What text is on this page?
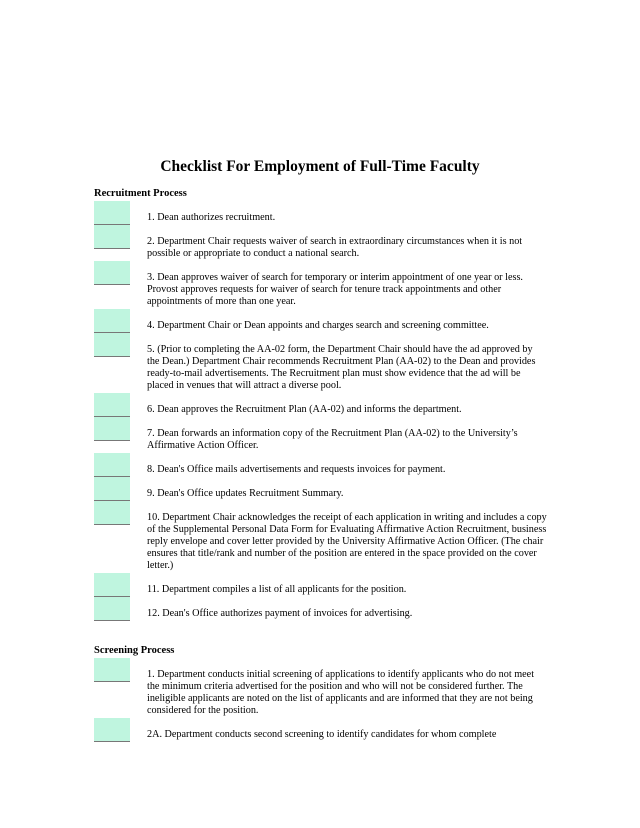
Checklist For Employment of Full-Time Faculty
Recruitment Process

1. Dean authorizes recruitment.

2. Department Chair requests waiver of search in extraordinary circumstances when it is not possible or appropriate to conduct a national search.

3. Dean approves waiver of search for temporary or interim appointment of one year or less. Provost approves requests for waiver of search for tenure track appointments and other appointments of more than one year.

4. Department Chair or Dean appoints and charges search and screening committee.

5. (Prior to completing the AA-02 form, the Department Chair should have the ad approved by the Dean.) Department Chair recommends Recruitment Plan (AA-02) to the Dean and provides ready-to-mail advertisements. The Recruitment plan must show evidence that the ad will be placed in venues that will attract a diverse pool.

6. Dean approves the Recruitment Plan (AA-02) and informs the department.

7. Dean forwards an information copy of the Recruitment Plan (AA-02) to the University’s Affirmative Action Officer.

8. Dean's Office mails advertisements and requests invoices for payment.

9. Dean's Office updates Recruitment Summary.

10. Department Chair acknowledges the receipt of each application in writing and includes a copy of the Supplemental Personal Data Form for Evaluating Affirmative Action Recruitment, business reply envelope and cover letter provided by the University Affirmative Action Officer. (The chair ensures that title/rank and number of the position are entered in the space provided on the cover letter.)

11. Department compiles a list of all applicants for the position.

12. Dean's Office authorizes payment of invoices for advertising.

Screening Process

1. Department conducts initial screening of applications to identify applicants who do not meet the minimum criteria advertised for the position and who will not be considered further. The ineligible applicants are noted on the list of applicants and are informed that they are not being considered for the position.

2A. Department conducts second screening to identify candidates for whom complete
